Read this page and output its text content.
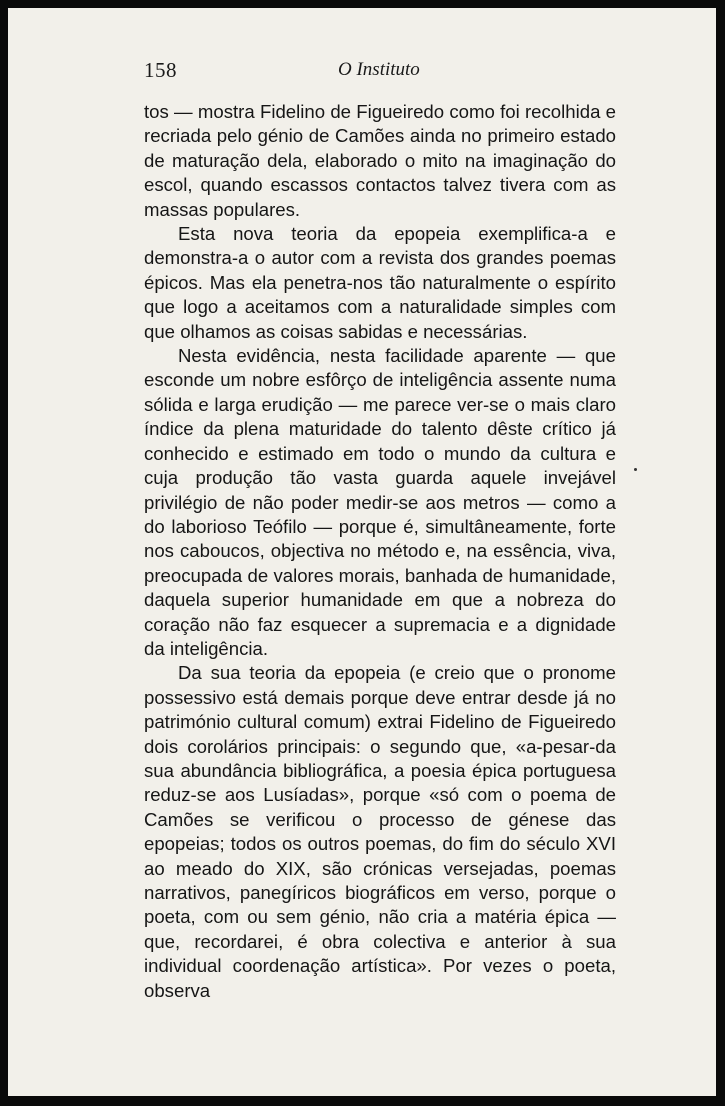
158	O Instituto

tos — mostra Fidelino de Figueiredo como foi recolhida e recriada pelo génio de Camões ainda no primeiro estado de maturação dela, elaborado o mito na imaginação do escol, quando escassos contactos talvez tivera com as massas populares.

Esta nova teoria da epopeia exemplifica-a e demonstra-a o autor com a revista dos grandes poemas épicos. Mas ela penetra-nos tão naturalmente o espírito que logo a aceitamos com a naturalidade simples com que olhamos as coisas sabidas e necessárias.

Nesta evidência, nesta facilidade aparente — que esconde um nobre esfôrço de inteligência assente numa sólida e larga erudição — me parece ver-se o mais claro índice da plena maturidade do talento dêste crítico já conhecido e estimado em todo o mundo da cultura e cuja produção tão vasta guarda aquele invejável privilégio de não poder medir-se aos metros — como a do laborioso Teófilo — porque é, simultâneamente, forte nos caboucos, objectiva no método e, na essência, viva, preocupada de valores morais, banhada de humanidade, daquela superior humanidade em que a nobreza do coração não faz esquecer a supremacia e a dignidade da inteligência.

Da sua teoria da epopeia (e creio que o pronome possessivo está demais porque deve entrar desde já no património cultural comum) extrai Fidelino de Figueiredo dois corolários principais: o segundo que, «a-pesar-da sua abundância bibliográfica, a poesia épica portuguesa reduz-se aos Lusíadas», porque «só com o poema de Camões se verificou o processo de génese das epopeias; todos os outros poemas, do fim do século XVI ao meado do XIX, são crónicas versejadas, poemas narrativos, panegíricos biográficos em verso, porque o poeta, com ou sem génio, não cria a matéria épica — que, recordarei, é obra colectiva e anterior à sua individual coordenação artística». Por vezes o poeta, observa
